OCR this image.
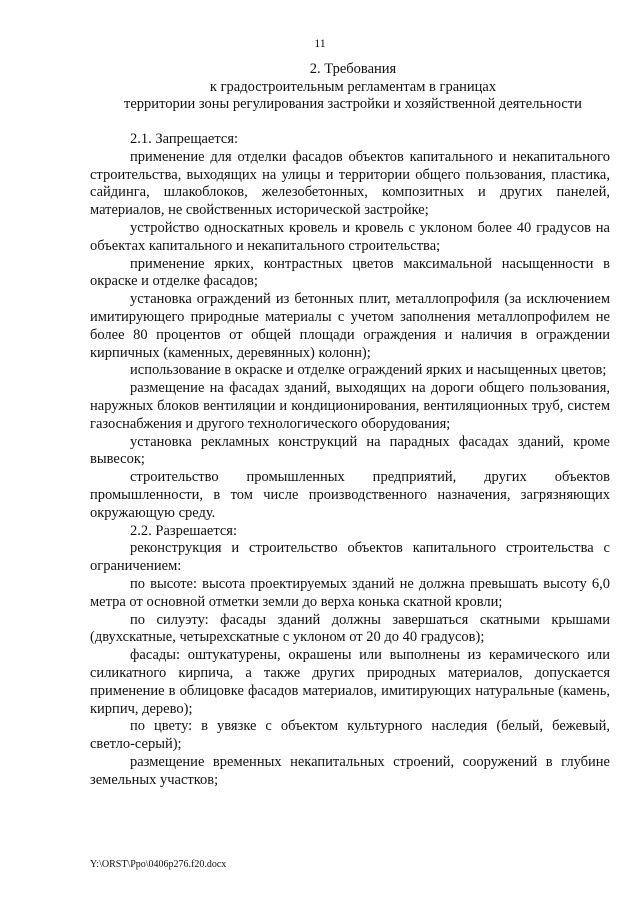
11
2. Требования
к градостроительным регламентам в границах
территории зоны регулирования застройки и хозяйственной деятельности

2.1. Запрещается:

применение для отделки фасадов объектов капитального и некапитального строительства, выходящих на улицы и территории общего пользования, пластика, сайдинга, шлакоблоков, железобетонных, композитных и других панелей, материалов, не свойственных исторической застройке;

устройство односкатных кровель и кровель с уклоном более 40 градусов на объектах капитального и некапитального строительства;

применение ярких, контрастных цветов максимальной насыщенности в окраске и отделке фасадов;

установка ограждений из бетонных плит, металлопрофиля (за исключением имитирующего природные материалы с учетом заполнения металлопрофилем не более 80 процентов от общей площади ограждения и наличия в ограждении кирпичных (каменных, деревянных) колонн);

использование в окраске и отделке ограждений ярких и насыщенных цветов;

размещение на фасадах зданий, выходящих на дороги общего пользования, наружных блоков вентиляции и кондиционирования, вентиляционных труб, систем газоснабжения и другого технологического оборудования;

установка рекламных конструкций на парадных фасадах зданий, кроме вывесок;

строительство промышленных предприятий, других объектов промышленности, в том числе производственного назначения, загрязняющих окружающую среду.

2.2. Разрешается:

реконструкция и строительство объектов капитального строительства с ограничением:

по высоте: высота проектируемых зданий не должна превышать высоту 6,0 метра от основной отметки земли до верха конька скатной кровли;

по силуэту: фасады зданий должны завершаться скатными крышами (двухскатные, четырехскатные с уклоном от 20 до 40 градусов);

фасады: оштукатурены, окрашены или выполнены из керамического или силикатного кирпича, а также других природных материалов, допускается применение в облицовке фасадов материалов, имитирующих натуральные (камень, кирпич, дерево);

по цвету: в увязке с объектом культурного наследия (белый, бежевый, светло-серый);

размещение временных некапитальных строений, сооружений в глубине земельных участков;

Y:\ORST\Ppo\0406p276.f20.docx
